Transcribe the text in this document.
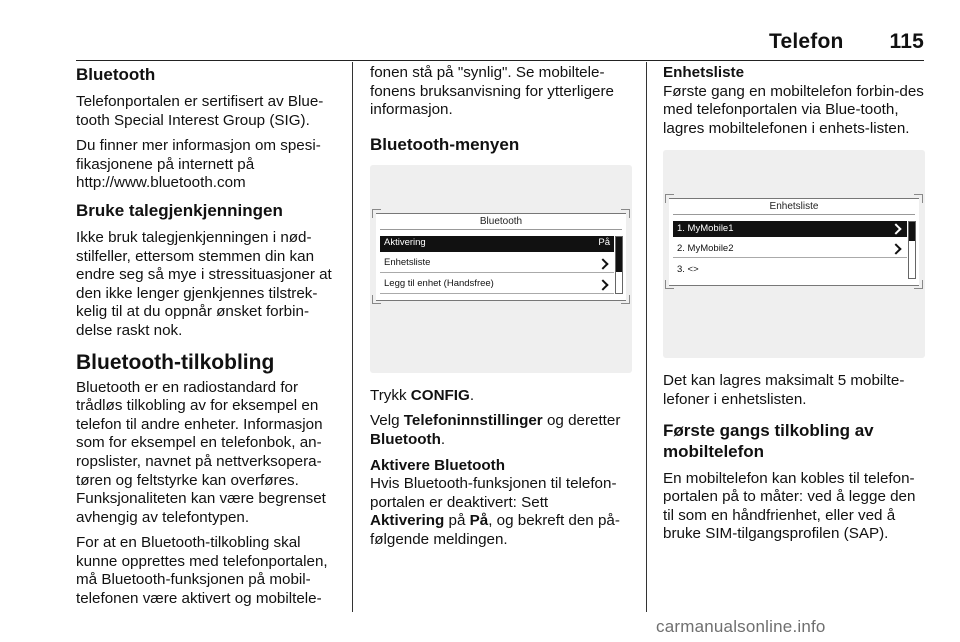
Telefon 115
Bluetooth

Telefonportalen er sertifisert av Blue-tooth Special Interest Group (SIG).

Du finner mer informasjon om spesi-fikasjonene på internett på http://www.bluetooth.com

Bruke talegjenkjenningen

Ikke bruk talegjenkjenningen i nød-stilfeller, ettersom stemmen din kan endre seg så mye i stressituasjoner at den ikke lenger gjenkjennes tilstrek-kelig til at du oppnår ønsket forbin-delse raskt nok.

Bluetooth-tilkobling

Bluetooth er en radiostandard for trådløs tilkobling av for eksempel en telefon til andre enheter. Informasjon som for eksempel en telefonbok, an-ropslister, navnet på nettverksopera-tøren og feltstyrke kan overføres. Funksjonaliteten kan være begrenset avhengig av telefontypen.

For at en Bluetooth-tilkobling skal kunne opprettes med telefonportalen, må Bluetooth-funksjonen på mobil-telefonen være aktivert og mobiltele-

fonen stå på "synlig". Se mobiltele-fonens bruksanvisning for ytterligere informasjon.

Bluetooth-menyen
Bluetooth
Aktivering	På
Enhetsliste
Legg til enhet (Handsfree)

Trykk CONFIG.

Velg Telefoninnstillinger og deretter
Bluetooth.

Aktivere Bluetooth

Hvis Bluetooth-funksjonen til telefon-portalen er deaktivert: Sett
Aktivering på På, og bekreft den på-følgende meldingen.

Enhetsliste

Første gang en mobiltelefon forbin-des med telefonportalen via Blue-tooth, lagres mobiltelefonen i enhets-listen.

Enhetsliste
1. MyMobile1
2. MyMobile2
3. <>

Det kan lagres maksimalt 5 mobilte-lefoner i enhetslisten.

Første gangs tilkobling av mobiltelefon

En mobiltelefon kan kobles til telefon-portalen på to måter: ved å legge den til som en håndfrienhet, eller ved å bruke SIM-tilgangsprofilen (SAP).

carmanualsonline.info
